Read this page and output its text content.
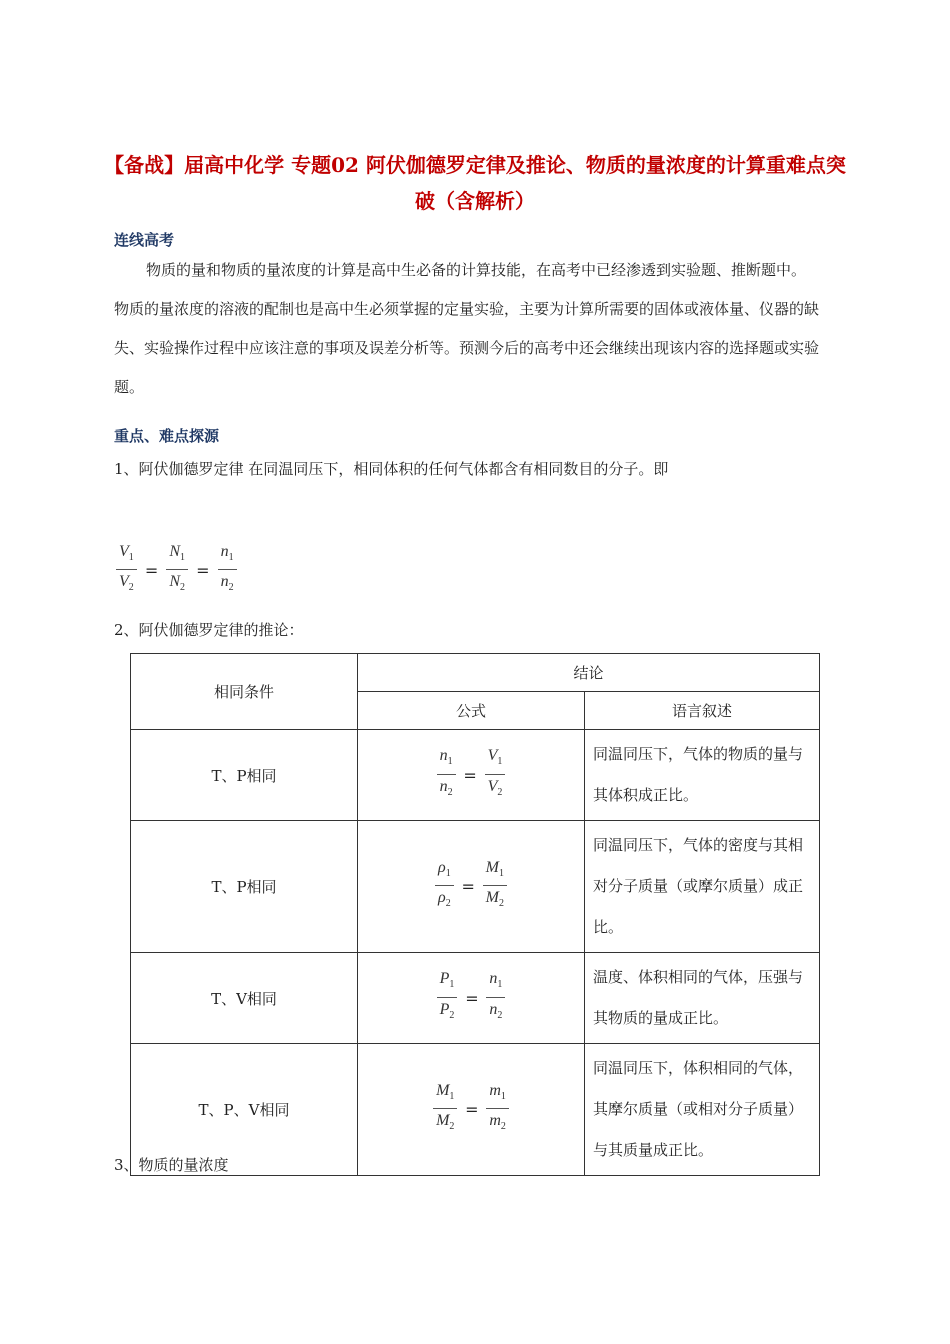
【备战】届高中化学 专题02 阿伏伽德罗定律及推论、物质的量浓度的计算重难点突破（含解析）
连线高考
物质的量和物质的量浓度的计算是高中生必备的计算技能，在高考中已经渗透到实验题、推断题中。物质的量浓度的溶液的配制也是高中生必须掌握的定量实验，主要为计算所需要的固体或液体量、仪器的缺失、实验操作过程中应该注意的事项及误差分析等。预测今后的高考中还会继续出现该内容的选择题或实验题。
重点、难点探源
1、阿伏伽德罗定律 在同温同压下，相同体积的任何气体都含有相同数目的分子。即
$\frac{V_1}{V_2} = \frac{N_1}{N_2} = \frac{n_1}{n_2}$
2、阿伏伽德罗定律的推论：
相同条件	结论	
	公式	语言叙述
T、P相同	$\frac{n_1}{n_2} = \frac{V_1}{V_2}$	同温同压下，气体的物质的量与其体积成正比。
T、P相同	$\frac{\rho_1}{\rho_2} = \frac{M_1}{M_2}$	同温同压下，气体的密度与其相对分子质量（或摩尔质量）成正比。
T、V相同	$\frac{P_1}{P_2} = \frac{n_1}{n_2}$	温度、体积相同的气体，压强与其物质的量成正比。
T、P、V相同	$\frac{M_1}{M_2} = \frac{m_1}{m_2}$	同温同压下，体积相同的气体，其摩尔质量（或相对分子质量）与其质量成正比。
3、物质的量浓度
